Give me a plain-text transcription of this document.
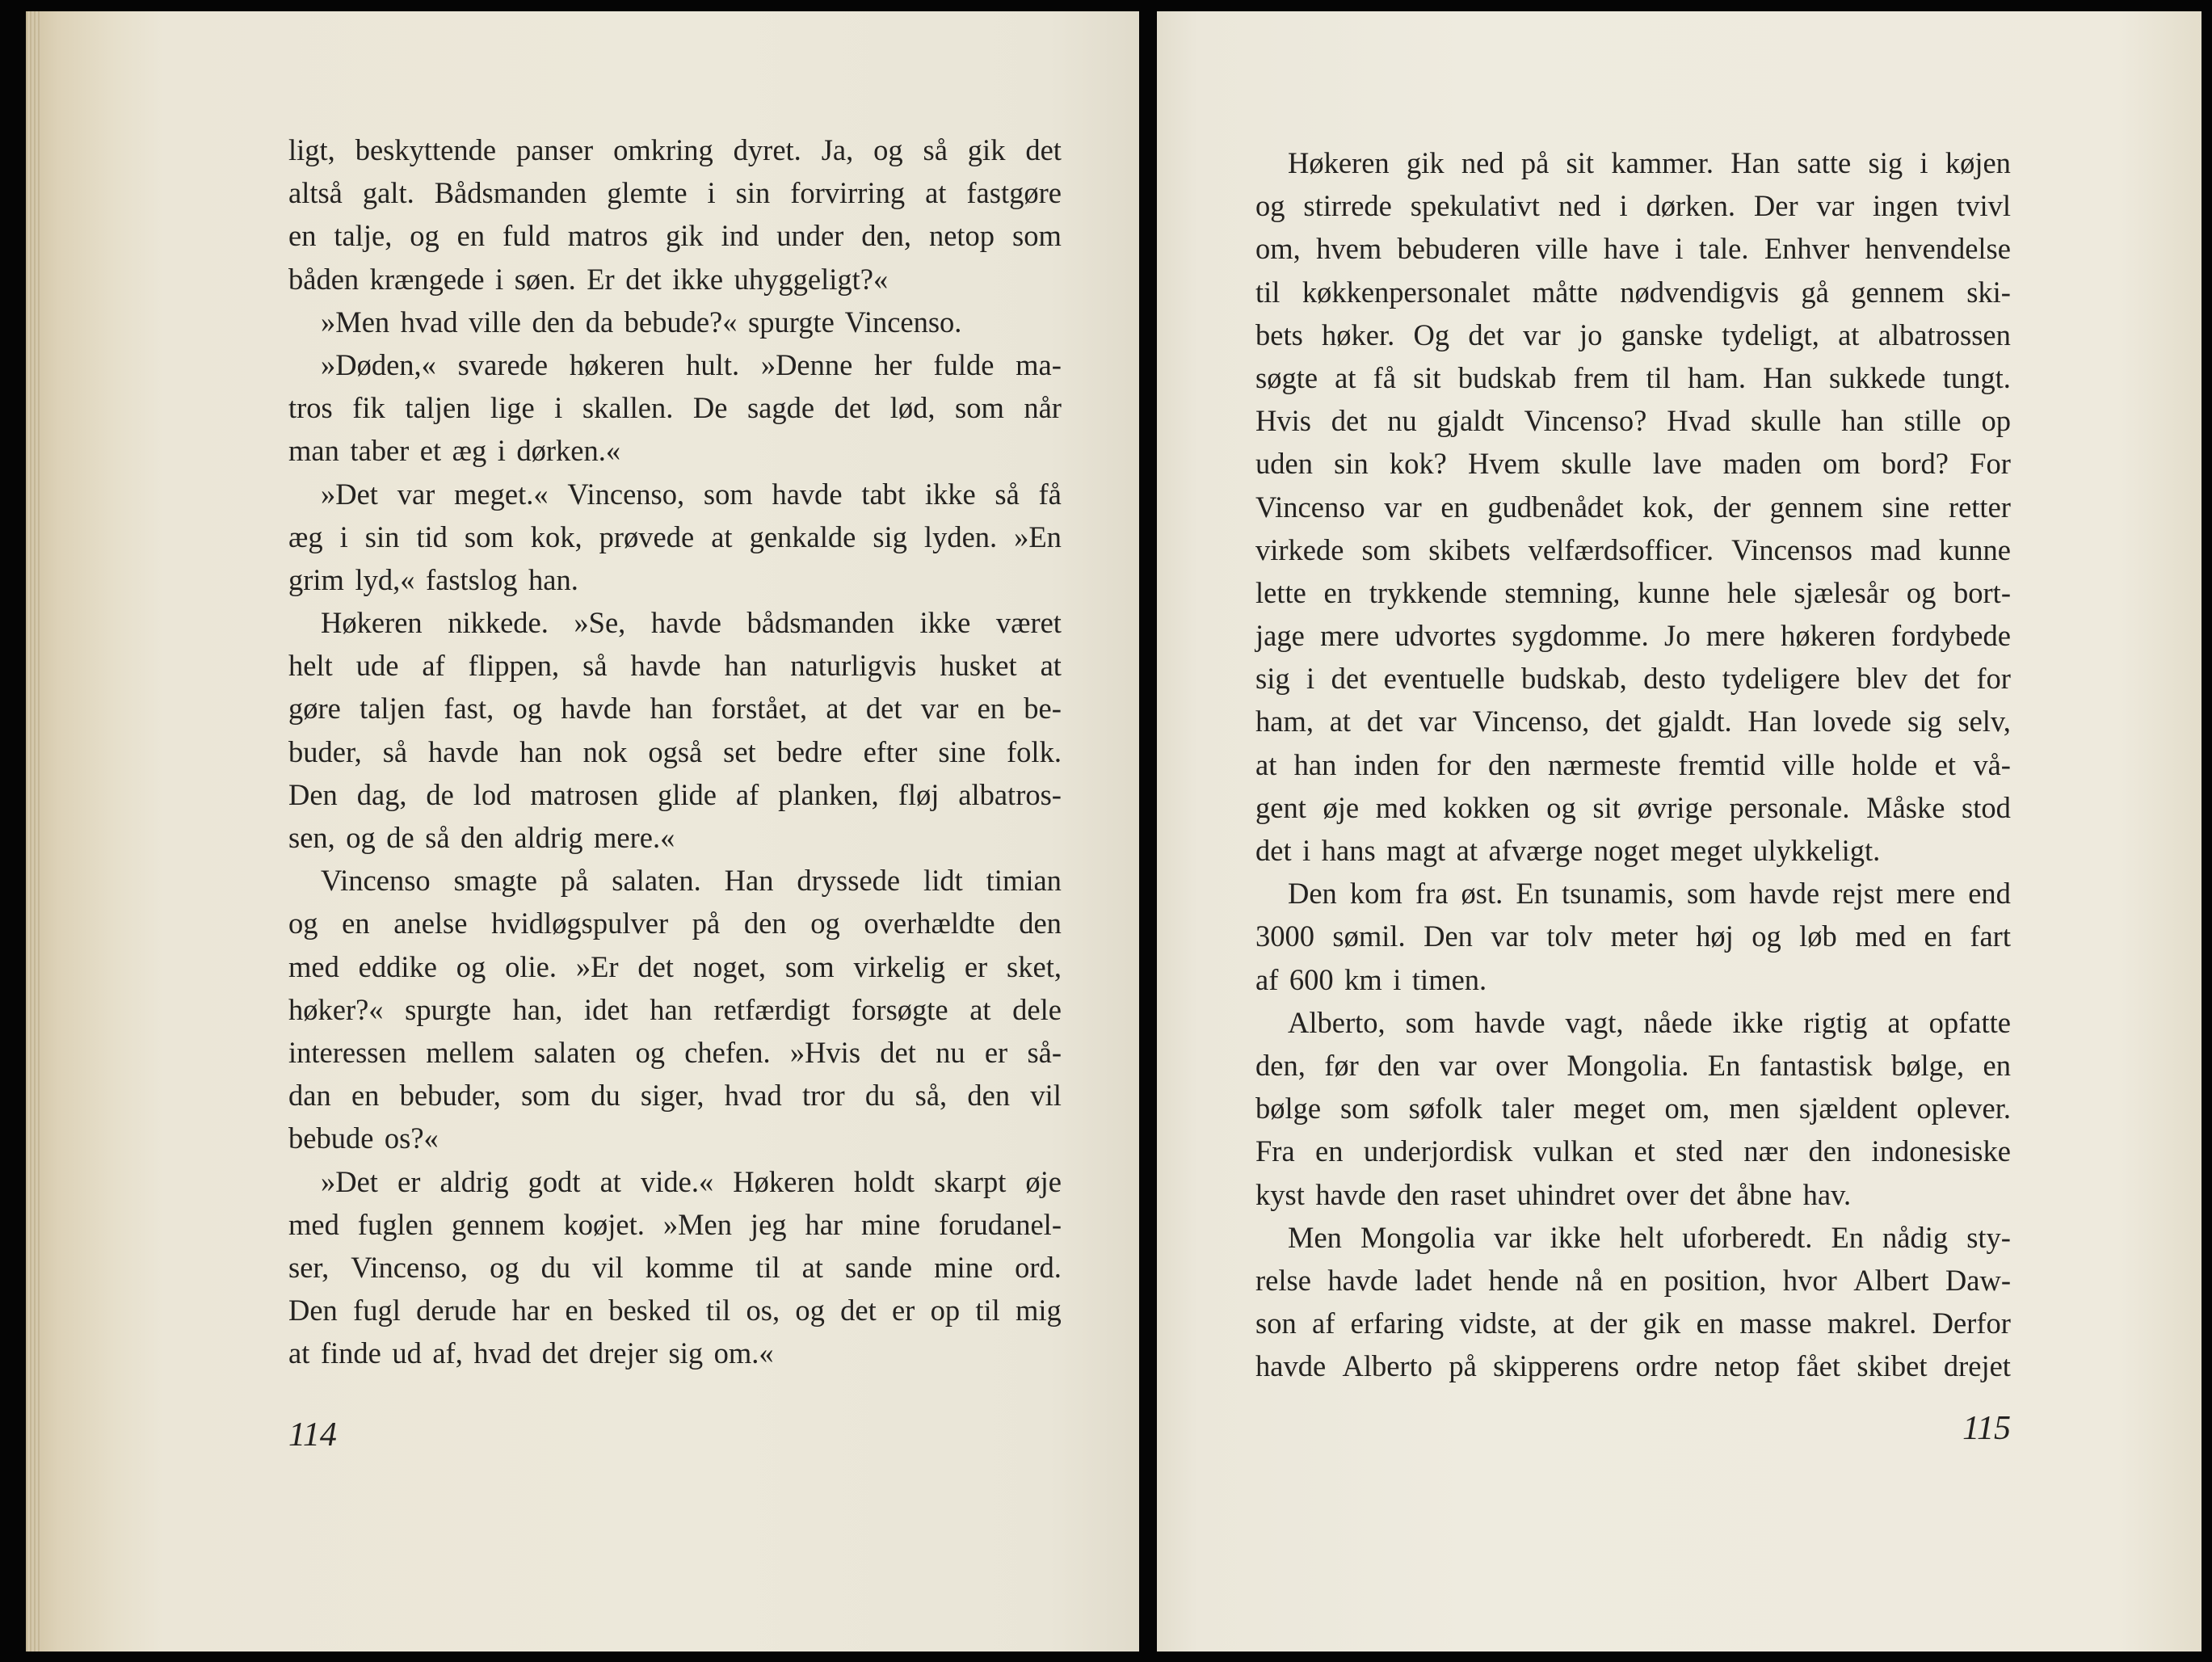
ligt, beskyttende panser omkring dyret. Ja, og så gik det
altså galt. Bådsmanden glemte i sin forvirring at fastgøre
en talje, og en fuld matros gik ind under den, netop som
båden krængede i søen. Er det ikke uhyggeligt?«
»Men hvad ville den da bebude?« spurgte Vincenso.
»Døden,« svarede høkeren hult. »Denne her fulde ma-
tros fik taljen lige i skallen. De sagde det lød, som når
man taber et æg i dørken.«
»Det var meget.« Vincenso, som havde tabt ikke så få
æg i sin tid som kok, prøvede at genkalde sig lyden. »En
grim lyd,« fastslog han.
Høkeren nikkede. »Se, havde bådsmanden ikke været
helt ude af flippen, så havde han naturligvis husket at
gøre taljen fast, og havde han forstået, at det var en be-
buder, så havde han nok også set bedre efter sine folk.
Den dag, de lod matrosen glide af planken, fløj albatros-
sen, og de så den aldrig mere.«
Vincenso smagte på salaten. Han dryssede lidt timian
og en anelse hvidløgspulver på den og overhældte den
med eddike og olie. »Er det noget, som virkelig er sket,
høker?« spurgte han, idet han retfærdigt forsøgte at dele
interessen mellem salaten og chefen. »Hvis det nu er så-
dan en bebuder, som du siger, hvad tror du så, den vil
bebude os?«
»Det er aldrig godt at vide.« Høkeren holdt skarpt øje
med fuglen gennem koøjet. »Men jeg har mine forudanel-
ser, Vincenso, og du vil komme til at sande mine ord.
Den fugl derude har en besked til os, og det er op til mig
at finde ud af, hvad det drejer sig om.«
114
Høkeren gik ned på sit kammer. Han satte sig i køjen
og stirrede spekulativt ned i dørken. Der var ingen tvivl
om, hvem bebuderen ville have i tale. Enhver henvendelse
til køkkenpersonalet måtte nødvendigvis gå gennem ski-
bets høker. Og det var jo ganske tydeligt, at albatrossen
søgte at få sit budskab frem til ham. Han sukkede tungt.
Hvis det nu gjaldt Vincenso? Hvad skulle han stille op
uden sin kok? Hvem skulle lave maden om bord? For
Vincenso var en gudbenådet kok, der gennem sine retter
virkede som skibets velfærdsofficer. Vincensos mad kunne
lette en trykkende stemning, kunne hele sjælesår og bort-
jage mere udvortes sygdomme. Jo mere høkeren fordybede
sig i det eventuelle budskab, desto tydeligere blev det for
ham, at det var Vincenso, det gjaldt. Han lovede sig selv,
at han inden for den nærmeste fremtid ville holde et vå-
gent øje med kokken og sit øvrige personale. Måske stod
det i hans magt at afværge noget meget ulykkeligt.
Den kom fra øst. En tsunamis, som havde rejst mere end
3000 sømil. Den var tolv meter høj og løb med en fart
af 600 km i timen.
Alberto, som havde vagt, nåede ikke rigtig at opfatte
den, før den var over Mongolia. En fantastisk bølge, en
bølge som søfolk taler meget om, men sjældent oplever.
Fra en underjordisk vulkan et sted nær den indonesiske
kyst havde den raset uhindret over det åbne hav.
Men Mongolia var ikke helt uforberedt. En nådig sty-
relse havde ladet hende nå en position, hvor Albert Daw-
son af erfaring vidste, at der gik en masse makrel. Derfor
havde Alberto på skipperens ordre netop fået skibet drejet
115
